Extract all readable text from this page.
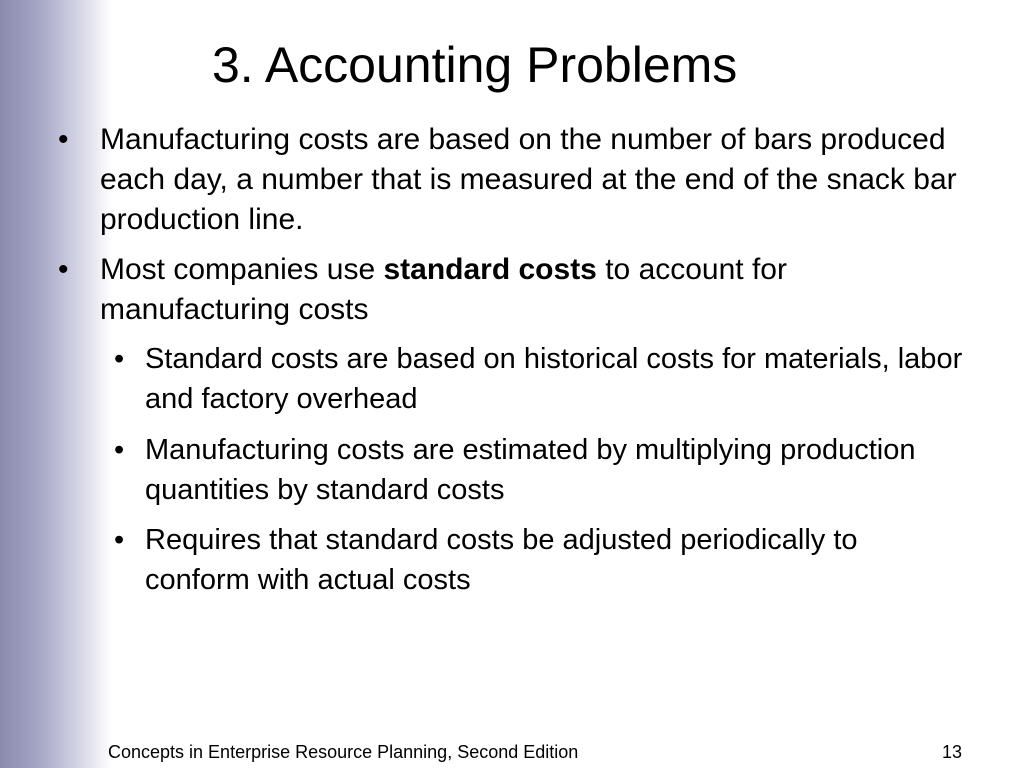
3. Accounting Problems
• Manufacturing costs are based on the number of bars produced each day, a number that is measured at the end of the snack bar production line.
• Most companies use standard costs to account for manufacturing costs
• Standard costs are based on historical costs for materials, labor and factory overhead
• Manufacturing costs are estimated by multiplying production quantities by standard costs
• Requires that standard costs be adjusted periodically to conform with actual costs
Concepts in Enterprise Resource Planning, Second Edition	13
